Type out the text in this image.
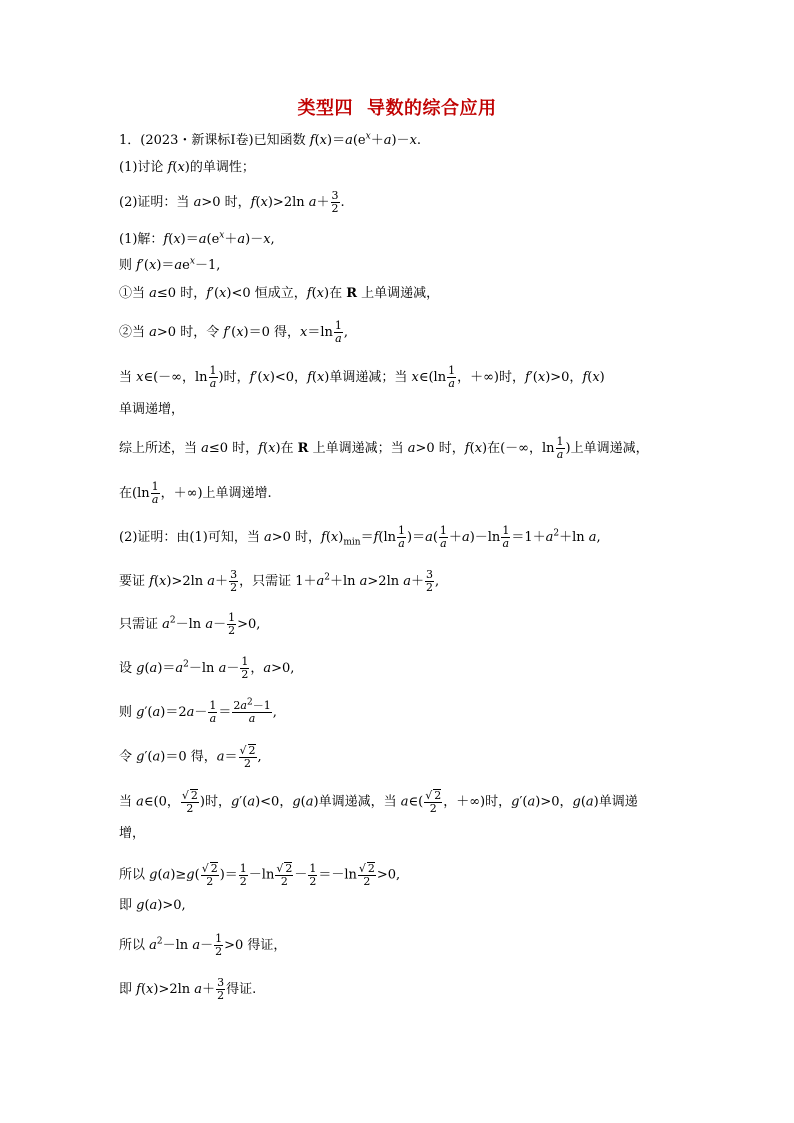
类型四 导数的综合应用
1．(2023・新课标Ⅰ卷)已知函数 $f(x)=a(e^x+a)-x$.
(1)讨论 f(x)的单调性；
(2)证明：当 a>0 时，f(x)>2ln $a+ \frac{3}{2}$ .
(1)解：$f(x)=a(e^x+a)-x$,
则 $f'(x)=ae^x-1$,
①当 a≤0 时，f′(x)<0 恒成立，f(x)在 R 上单调递减，
②当 a>0 时，令 f′(x)＝0 得，$x=\ln \frac{1}{a}$ ,
当 x∈(－∞，$\ln \frac{1}{a}$ )时，f′(x)<0，f(x)单调递减；当 x∈(ln $\frac{1}{a}$ ，＋∞)时，f′(x)>0，f(x)
单调递增，
综上所述，当 a≤0 时，f(x)在 R 上单调递减；当 a>0 时，f(x)在(－∞，$\ln \frac{1}{a}$ )上单调递减，
在($\ln \frac{1}{a}$ ，＋∞)上单调递增.
(2)证明：由(1)可知，当 a>0 时，$f(x)_{min}=f(\ln \frac{1}{a} )=a( \frac{1}{a} +a)-\ln \frac{1}{a} =1+a^2+\ln$ a,
要证 f(x)>2ln $a+ \frac{3}{2}$ ，只需证 $1+a^2+\ln$ a>2ln $a+ \frac{3}{2}$ ,
只需证 $a^2-\ln$ $a- \frac{1}{2} >0$,
设 $g(a)=a^2-\ln$ $a- \frac{1}{2}$ ，a>0,
则 $g'(a)=2a- \frac{1}{a} = \frac{2a^2-1}{a}$ ,
令 g′(a)＝0 得，$a= \frac{√ 2}{2}$ ,
当 a∈(0， $\frac{√ 2}{2}$ )时，g′(a)<0，g(a)单调递减，当 a∈( $\frac{√ 2}{2}$ ，＋∞)时，g′(a)>0，g(a)单调递
增，
所以 $g(a)\ge g( \frac{√ 2}{2}$ )＝ $\frac{1}{2} -\ln \frac{√ 2}{2} - \frac{1}{2} =-\ln \frac{√ 2}{2} >0$,
即 g(a)>0,
所以 $a^2-\ln$ $a- \frac{1}{2} >0$ 得证，
即 f(x)>2ln $a+ \frac{3}{2}$ 得证.
